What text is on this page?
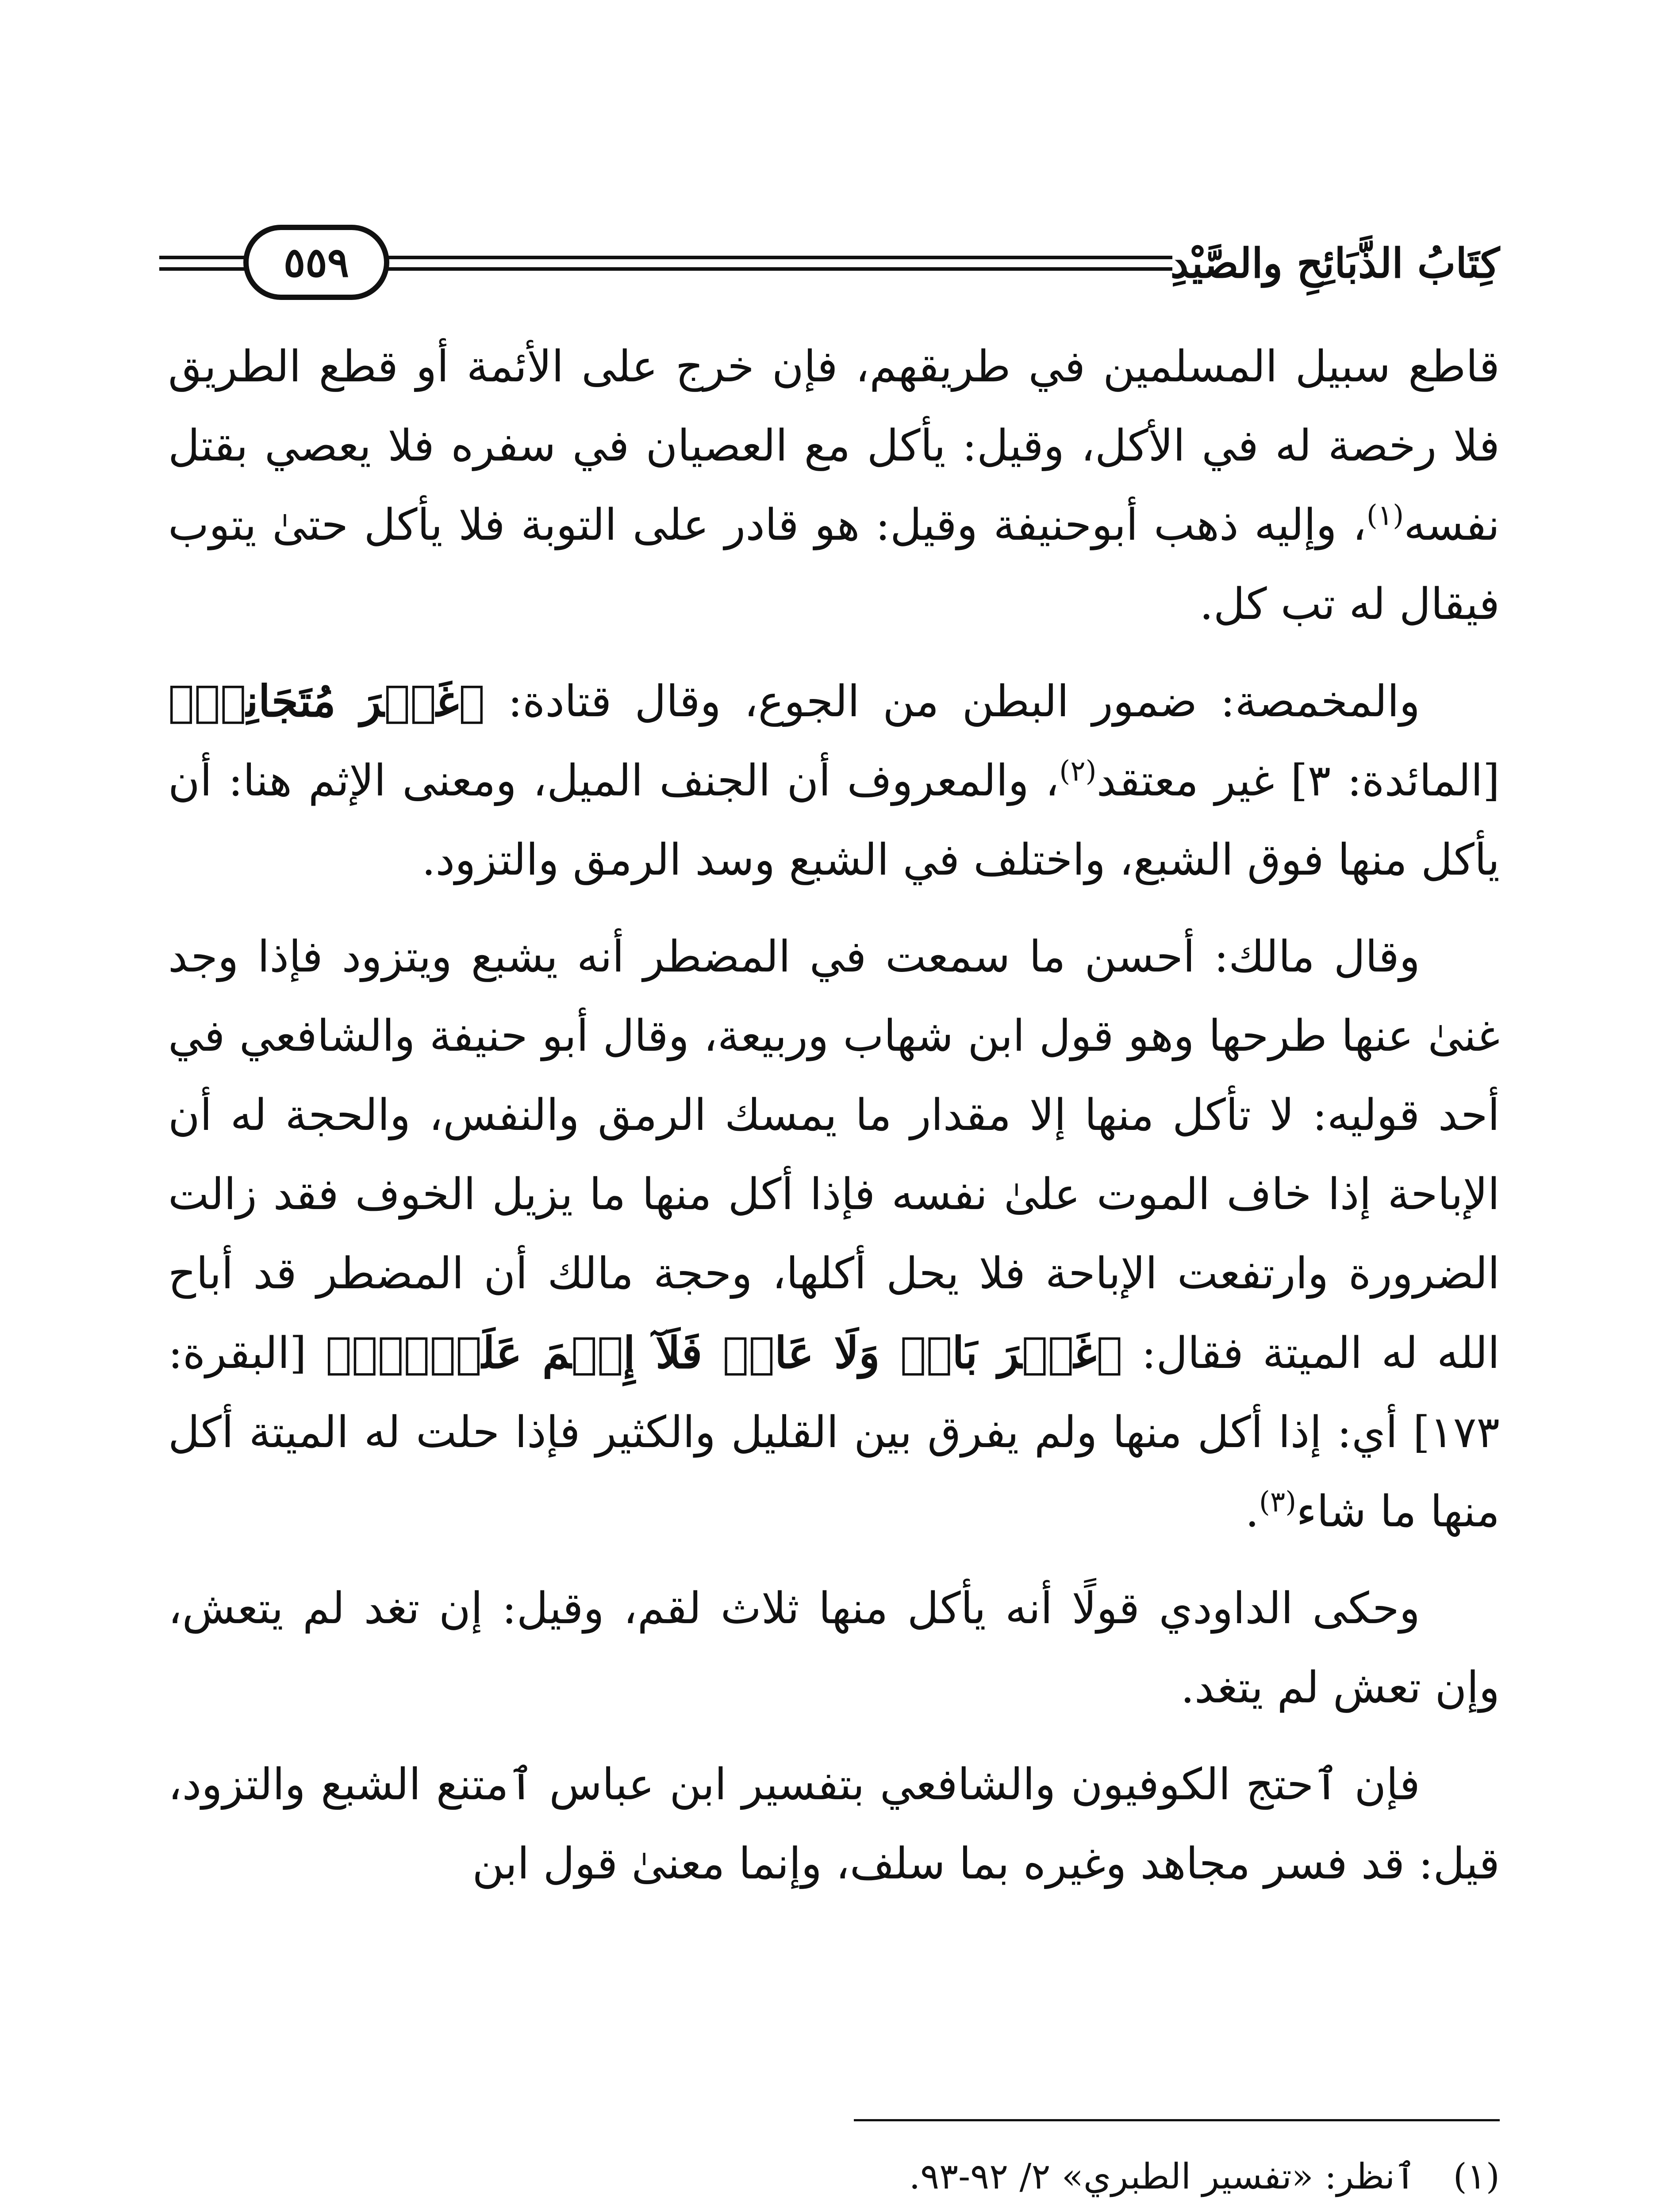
٥٥٩	كِتَابُ الذَّبَائِحِ والصَّيْدِ

قاطع سبيل المسلمين في طريقهم، فإن خرج على الأئمة أو قطع الطريق فلا رخصة له في الأكل، وقيل: يأكل مع العصيان في سفره فلا يعصي بقتل نفسه$^{(١)}$، وإليه ذهب أبوحنيفة وقيل: هو قادر على التوبة فلا يأكل حتىٰ يتوب فيقال له تب كل.

والمخمصة: ضمور البطن من الجوع، وقال قتادة: ﴿غَيۡرَ مُتَجَانِفٖ﴾ [المائدة: ٣] غير معتقد$^{(٢)}$، والمعروف أن الجنف الميل، ومعنى الإثم هنا: أن يأكل منها فوق الشبع، واختلف في الشبع وسد الرمق والتزود.

وقال مالك: أحسن ما سمعت في المضطر أنه يشبع ويتزود فإذا وجد غنىٰ عنها طرحها وهو قول ابن شهاب وربيعة، وقال أبو حنيفة والشافعي في أحد قوليه: لا تأكل منها إلا مقدار ما يمسك الرمق والنفس، والحجة له أن الإباحة إذا خاف الموت علىٰ نفسه فإذا أكل منها ما يزيل الخوف فقد زالت الضرورة وارتفعت الإباحة فلا يحل أكلها، وحجة مالك أن المضطر قد أباح الله له الميتة فقال: ﴿غَيۡرَ بَاغٖ وَلَا عَادٖ فَلَآ إِثۡمَ عَلَيۡهِۚ﴾ [البقرة: ١٧٣] أي: إذا أكل منها ولم يفرق بين القليل والكثير فإذا حلت له الميتة أكل منها ما شاء$^{(٣)}$.

وحكى الداودي قولًا أنه يأكل منها ثلاث لقم، وقيل: إن تغد لم يتعش، وإن تعش لم يتغد.

فإن ٱحتج الكوفيون والشافعي بتفسير ابن عباس ٱمتنع الشبع والتزود، قيل: قد فسر مجاهد وغيره بما سلف، وإنما معنىٰ قول ابن

(١)
ٱنظر: «تفسير الطبري» ٢/ ٩٢-٩٣.
